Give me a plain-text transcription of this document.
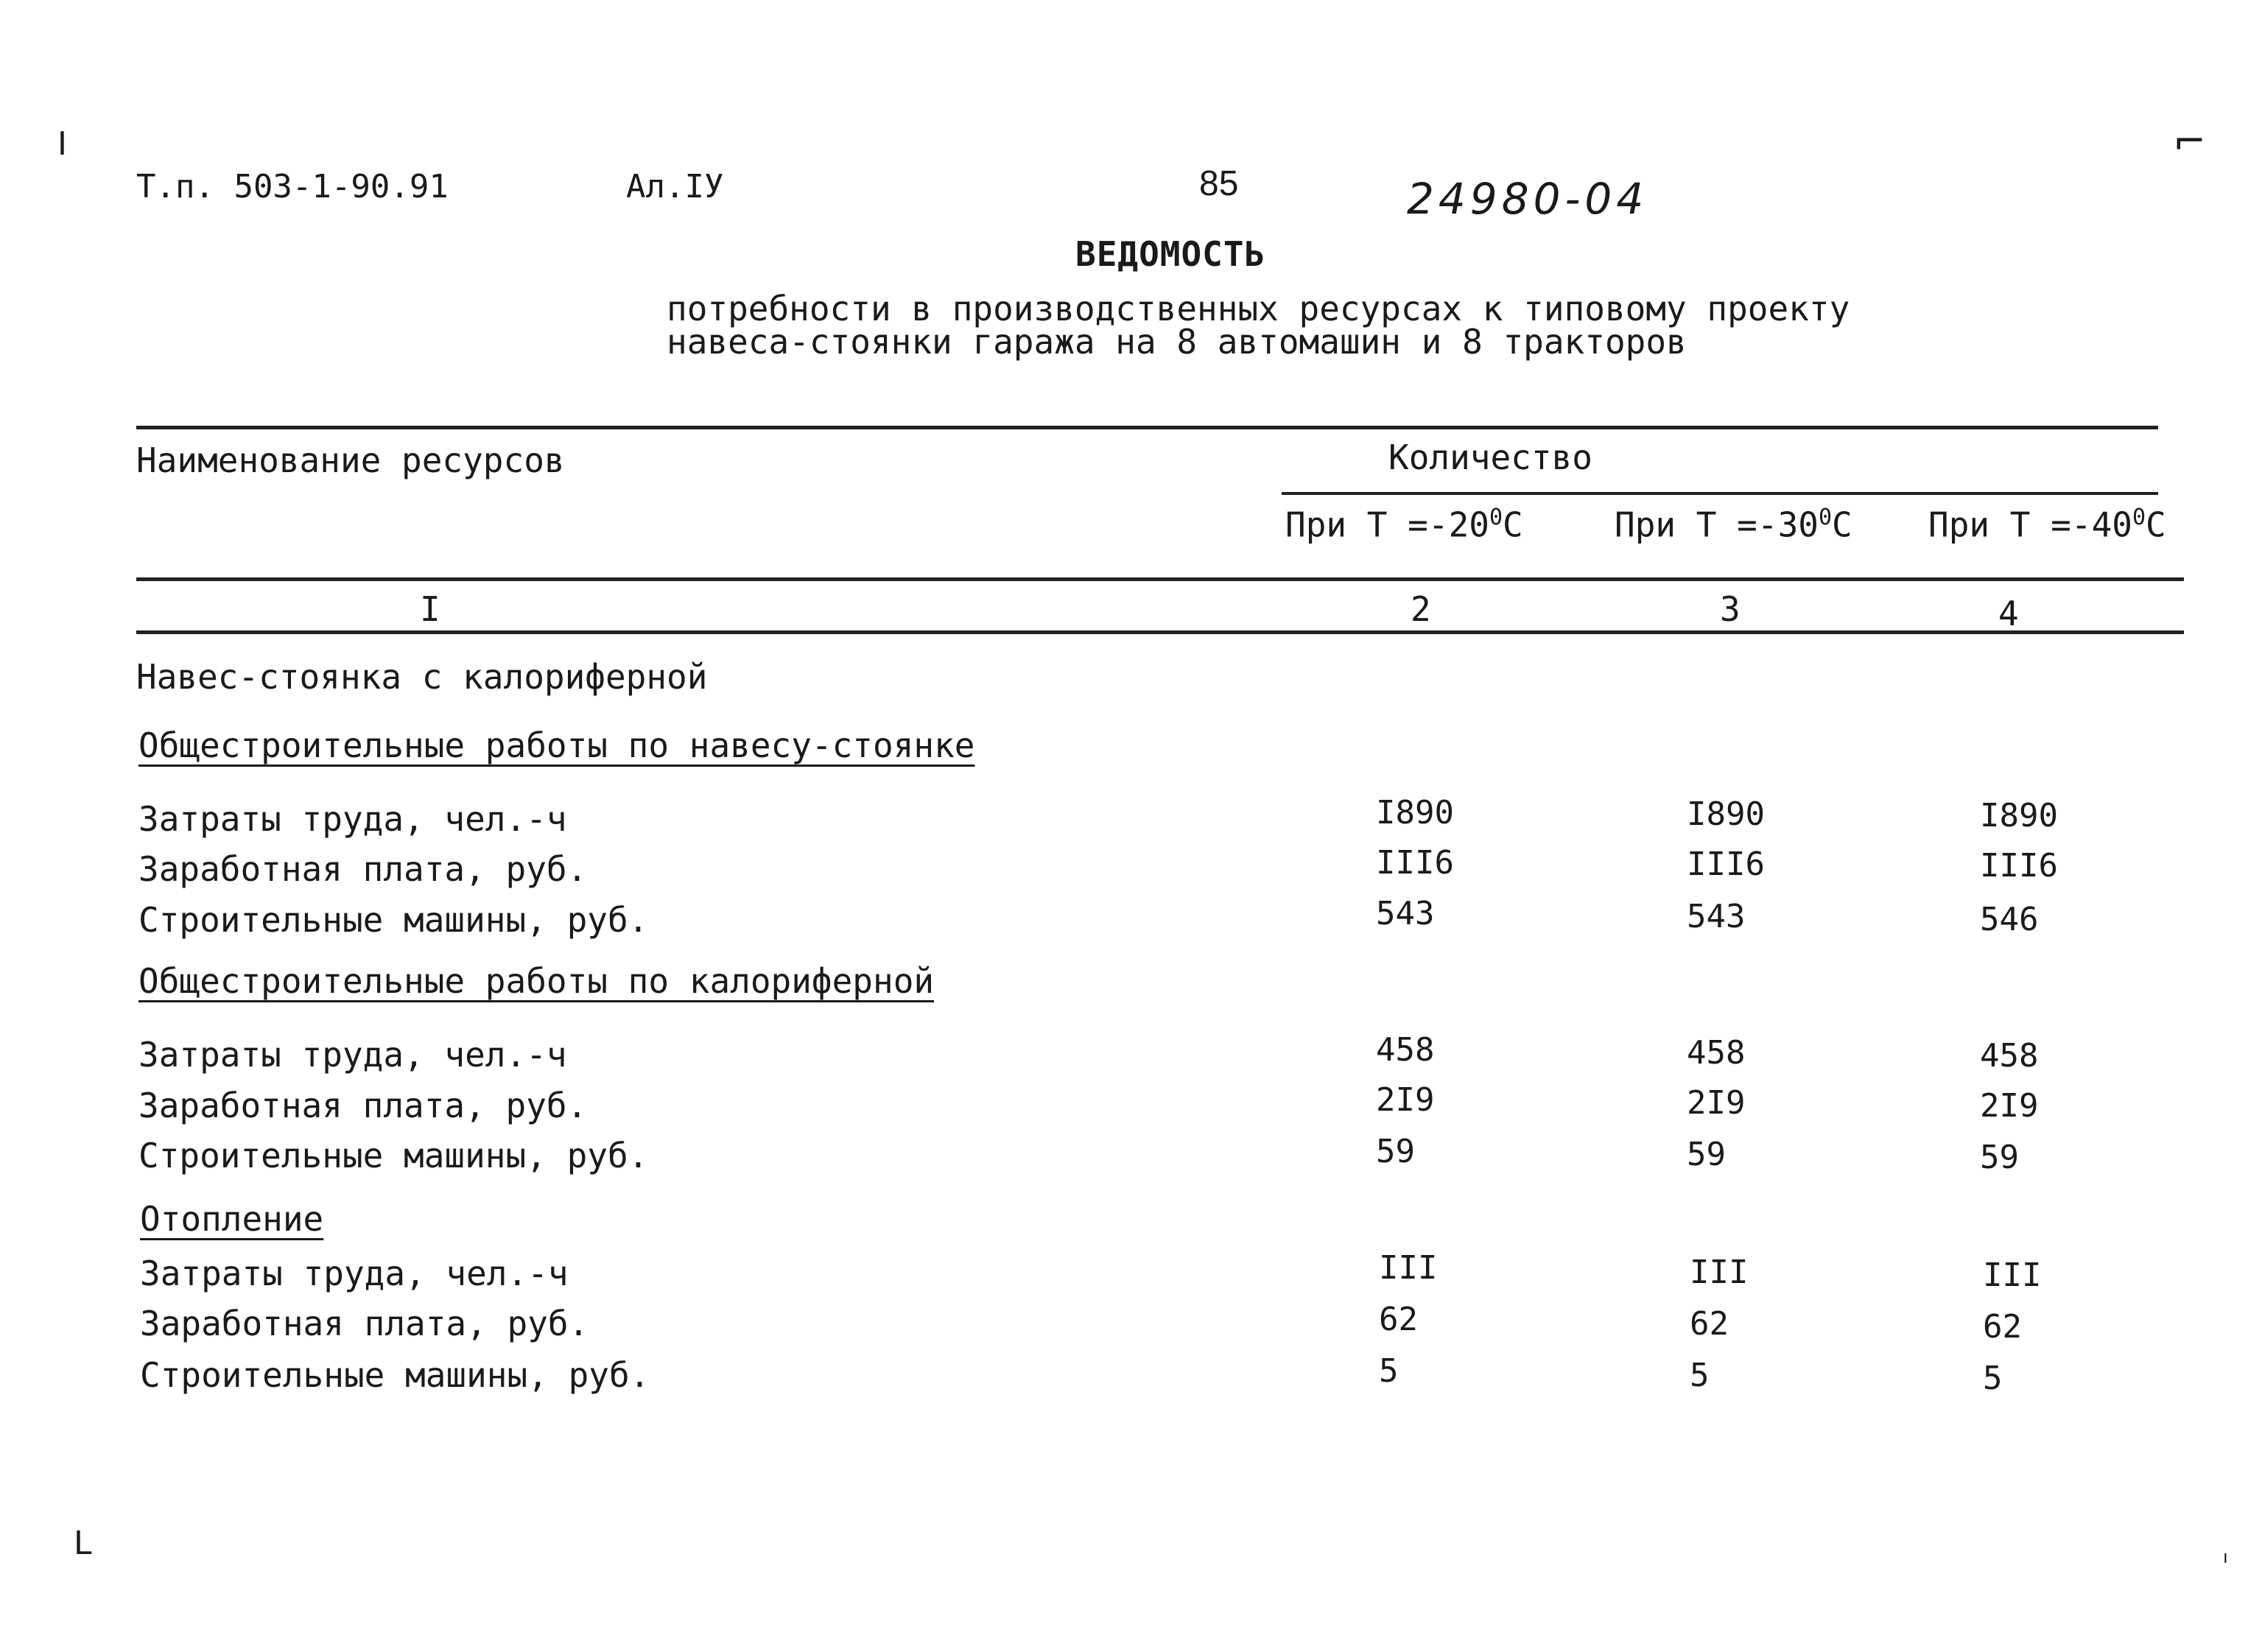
I	⌐
L	ı
Т.п. 503-1-90.91	Ал.IУ	85	24980-04
ВЕДОМОСТЬ
потребности в производственных ресурсах к типовому проекту
навеса-стоянки гаража на 8 автомашин и 8 тракторов
Наименование ресурсов	Количество
При $Т =-20^0С$	При $Т =-30^0С$ При $Т =-40^0С$
I	2	3	4
Навес-стоянка с калориферной
Общестроительные работы по навесу-стоянке
Затраты труда, чел.-ч	I890	I890	I890
Заработная плата, руб.	III6	III6	III6
Строительные машины, руб.	543	543	546
Общестроительные работы по калориферной
Затраты труда, чел.-ч	458	458	458
Заработная плата, руб.	2I9	2I9	2I9
Строительные машины, руб.	59	59	59
Отопление
Затраты труда, чел.-ч	III	III	III
Заработная плата, руб.	62	62	62
Строительные машины, руб.	5	5	5
